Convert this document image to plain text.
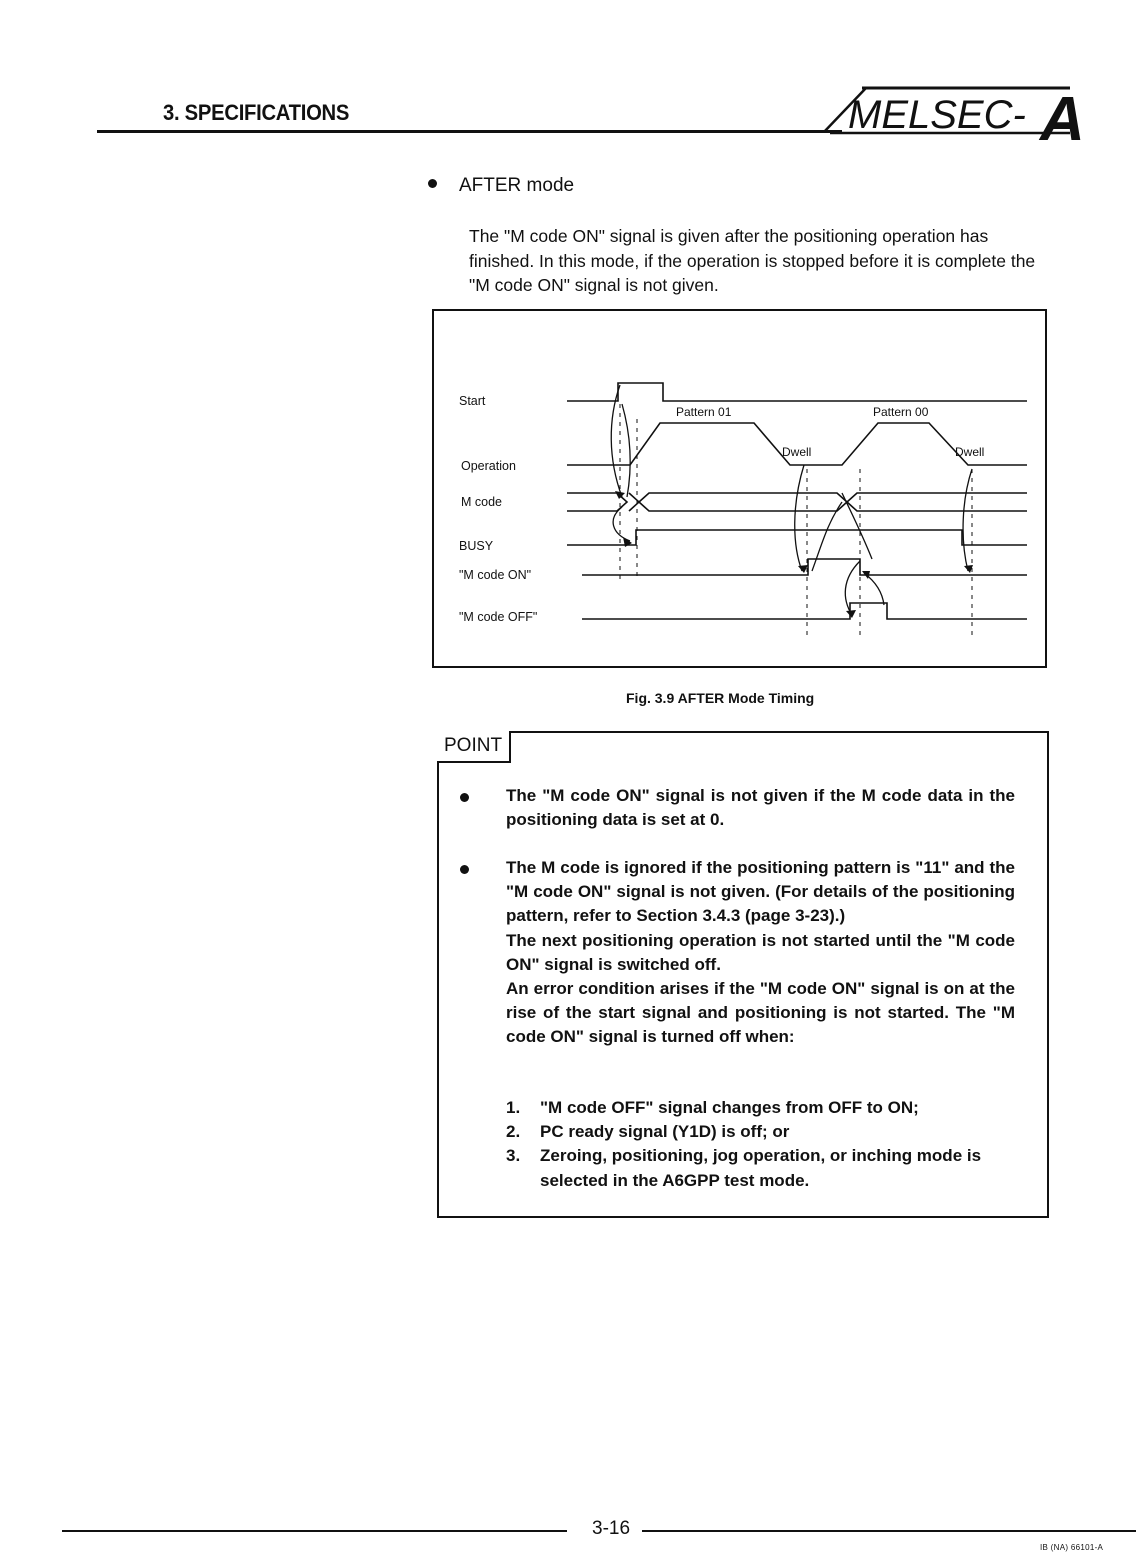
3. SPECIFICATIONS	MELSEC- A
AFTER mode
The "M code ON" signal is given after the positioning operation has finished. In this mode, if the operation is stopped before it is complete the "M code ON" signal is not given.
Start
Operation
M code
BUSY
"M code ON"
"M code OFF"
Pattern 01	Pattern 00
Dwell	Dwell
Fig. 3.9 AFTER Mode Timing
POINT
The "M code ON" signal is not given if the M code data in the positioning data is set at 0.

The M code is ignored if the positioning pattern is "11" and the "M code ON" signal is not given. (For details of the positioning pattern, refer to Section 3.4.3 (page 3-23).)

The next positioning operation is not started until the "M code ON" signal is switched off.

An error condition arises if the "M code ON" signal is on at the rise of the start signal and positioning is not started. The "M code ON" signal is turned off when:

1. "M code OFF" signal changes from OFF to ON;
2. PC ready signal (Y1D) is off; or
3. Zeroing, positioning, jog operation, or inching mode is selected in the A6GPP test mode.
3-16
IB (NA) 66101-A
